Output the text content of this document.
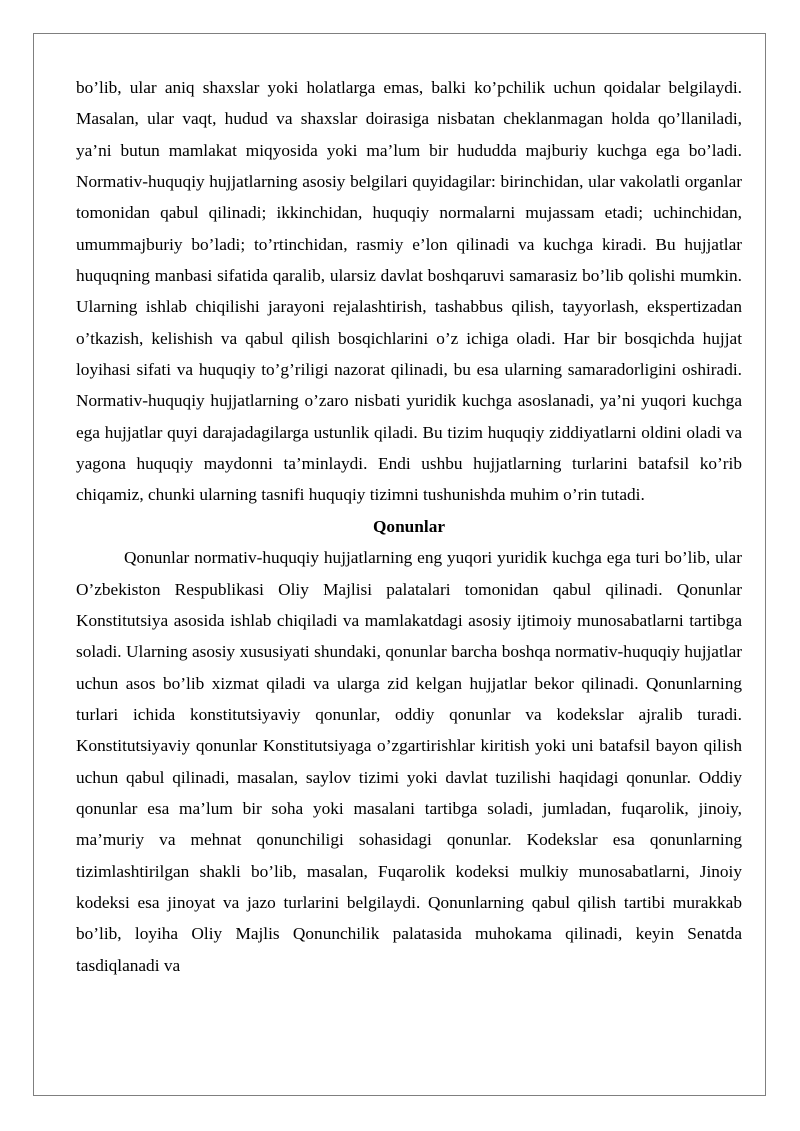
bo’lib, ular aniq shaxslar yoki holatlarga emas, balki ko’pchilik uchun qoidalar belgilaydi. Masalan, ular vaqt, hudud va shaxslar doirasiga nisbatan cheklanmagan holda qo’llaniladi, ya’ni butun mamlakat miqyosida yoki ma’lum bir hududda majburiy kuchga ega bo’ladi. Normativ-huquqiy hujjatlarning asosiy belgilari quyidagilar: birinchidan, ular vakolatli organlar tomonidan qabul qilinadi; ikkinchidan, huquqiy normalarni mujassam etadi; uchinchidan, umummajburiy bo’ladi; to’rtinchidan, rasmiy e’lon qilinadi va kuchga kiradi. Bu hujjatlar huquqning manbasi sifatida qaralib, ularsiz davlat boshqaruvi samarasiz bo’lib qolishi mumkin. Ularning ishlab chiqilishi jarayoni rejalashtirish, tashabbus qilish, tayyorlash, ekspertizadan o’tkazish, kelishish va qabul qilish bosqichlarini o’z ichiga oladi. Har bir bosqichda hujjat loyihasi sifati va huquqiy to’g’riligi nazorat qilinadi, bu esa ularning samaradorligini oshiradi. Normativ-huquqiy hujjatlarning o’zaro nisbati yuridik kuchga asoslanadi, ya’ni yuqori kuchga ega hujjatlar quyi darajadagilarga ustunlik qiladi. Bu tizim huquqiy ziddiyatlarni oldini oladi va yagona huquqiy maydonni ta’minlaydi. Endi ushbu hujjatlarning turlarini batafsil ko’rib chiqamiz, chunki ularning tasnifi huquqiy tizimni tushunishda muhim o’rin tutadi.

Qonunlar

Qonunlar normativ-huquqiy hujjatlarning eng yuqori yuridik kuchga ega turi bo’lib, ular O’zbekiston Respublikasi Oliy Majlisi palatalari tomonidan qabul qilinadi. Qonunlar Konstitutsiya asosida ishlab chiqiladi va mamlakatdagi asosiy ijtimoiy munosabatlarni tartibga soladi. Ularning asosiy xususiyati shundaki, qonunlar barcha boshqa normativ-huquqiy hujjatlar uchun asos bo’lib xizmat qiladi va ularga zid kelgan hujjatlar bekor qilinadi. Qonunlarning turlari ichida konstitutsiyaviy qonunlar, oddiy qonunlar va kodekslar ajralib turadi. Konstitutsiyaviy qonunlar Konstitutsiyaga o’zgartirishlar kiritish yoki uni batafsil bayon qilish uchun qabul qilinadi, masalan, saylov tizimi yoki davlat tuzilishi haqidagi qonunlar. Oddiy qonunlar esa ma’lum bir soha yoki masalani tartibga soladi, jumladan, fuqarolik, jinoiy, ma’muriy va mehnat qonunchiligi sohasidagi qonunlar. Kodekslar esa qonunlarning tizimlashtirilgan shakli bo’lib, masalan, Fuqarolik kodeksi mulkiy munosabatlarni, Jinoiy kodeksi esa jinoyat va jazo turlarini belgilaydi. Qonunlarning qabul qilish tartibi murakkab bo’lib, loyiha Oliy Majlis Qonunchilik palatasida muhokama qilinadi, keyin Senatda tasdiqlanadi va
